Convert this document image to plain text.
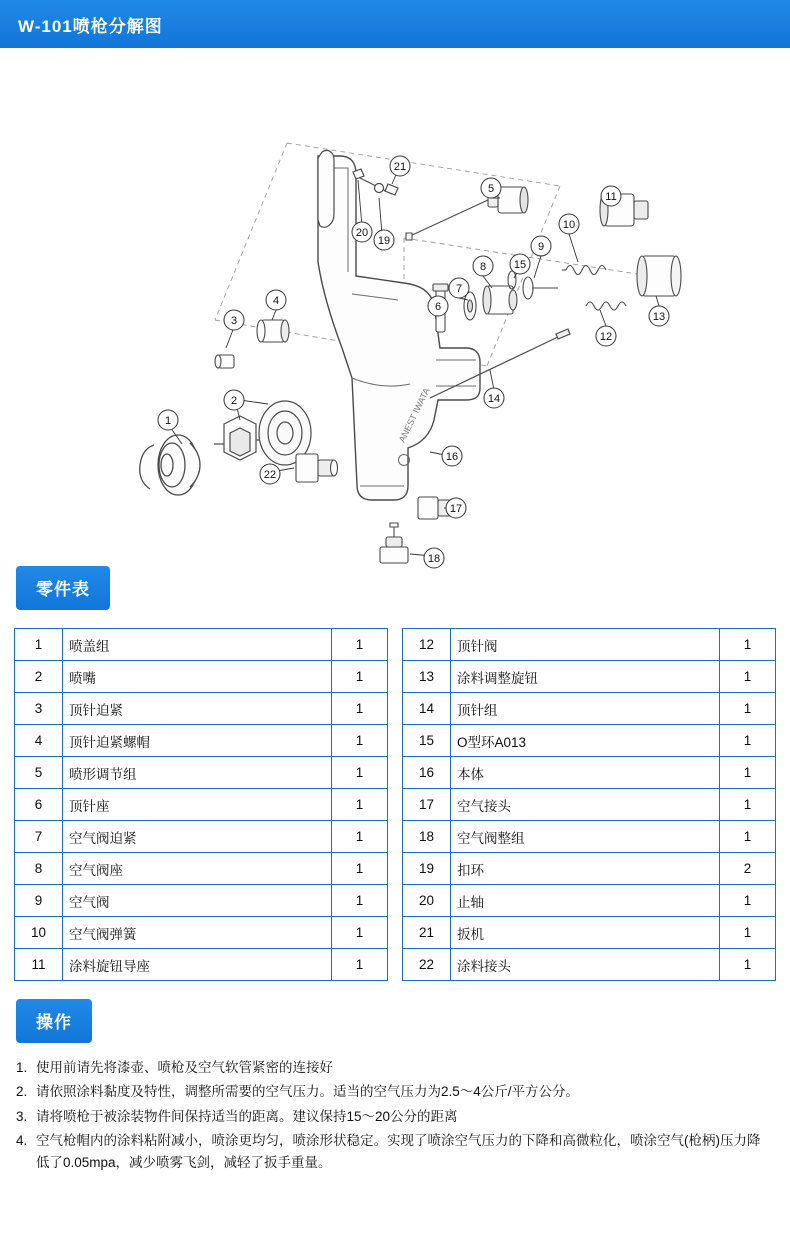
W-101喷枪分解图
ANEST IWATA
1
2
3
4
5
6
7
8
9
10
11
12
13
14
15
16
17
18
19
20
21
22
零件表
1	喷盖组	1
2	喷嘴	1
3	顶针迫紧	1
4	顶针迫紧螺帽	1
5	喷形调节组	1
6	顶针座	1
7	空气阀迫紧	1
8	空气阀座	1
9	空气阀	1
10	空气阀弹簧	1
11	涂料旋钮导座	1
12	顶针阀	1
13	涂料调整旋钮	1
14	顶针组	1
15	O型环A013	1
16	本体	1
17	空气接头	1
18	空气阀整组	1
19	扣环	2
20	止轴	1
21	扳机	1
22	涂料接头	1
操作
1. 使用前请先将漆壶、喷枪及空气软管紧密的连接好
2. 请依照涂料黏度及特性，调整所需要的空气压力。适当的空气压力为2.5～4公斤/平方公分。
3. 请将喷枪于被涂装物件间保持适当的距离。建议保持15～20公分的距离
4. 空气枪帽内的涂料粘附减小，喷涂更均匀，喷涂形状稳定。实现了喷涂空气压力的下降和高微粒化，喷涂空气(枪柄)压力降低了0.05mpa，减少喷雾飞剑，减轻了扳手重量。
